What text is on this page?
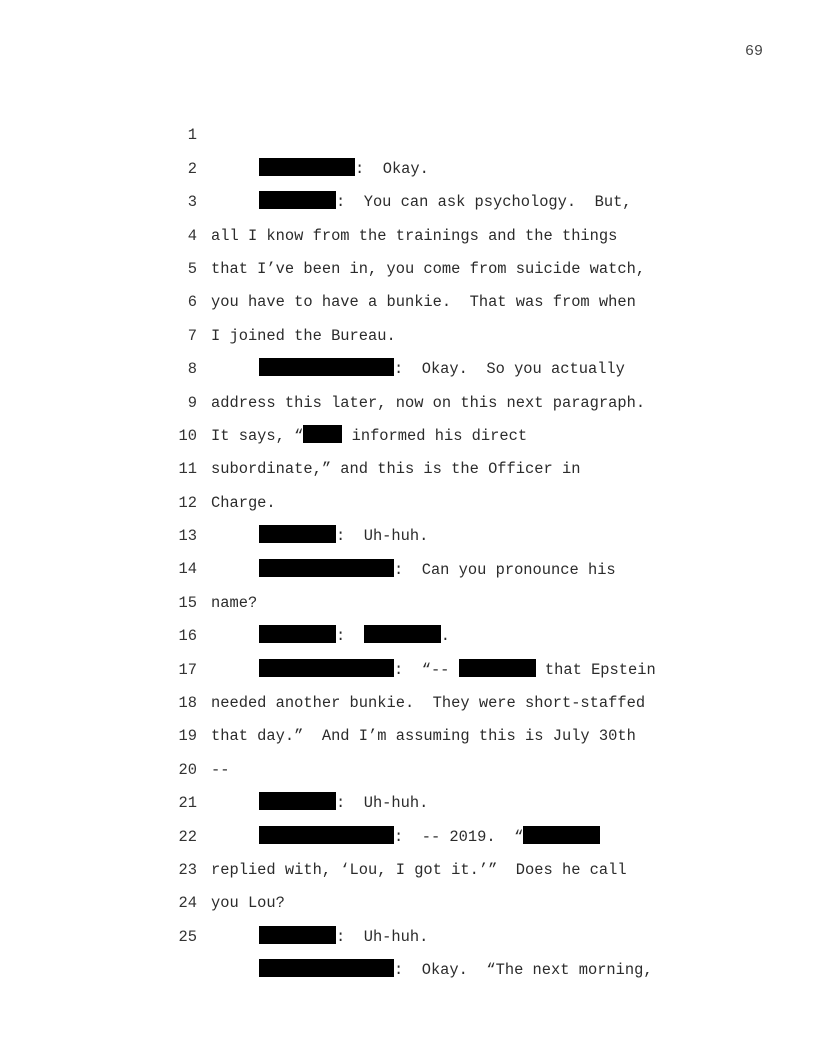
69

1

:  Okay.

2

:  You can ask psychology.  But,

3

all I know from the trainings and the things

4

that I’ve been in, you come from suicide watch,

5

you have to have a bunkie.  That was from when

6

I joined the Bureau.

7

:  Okay.  So you actually

8

address this later, now on this next paragraph.

9

It says, “	informed his direct

10

subordinate,” and this is the Officer in

11

Charge.

12

:  Uh-huh.

13

:  Can you pronounce his

14

name?

15

:	.

16

:  “--	that Epstein

17

needed another bunkie.  They were short-staffed

18

that day.”  And I’m assuming this is July 30th

19

--

20

:  Uh-huh.

21

:  -- 2019.  “

22

replied with, ‘Lou, I got it.’”  Does he call

23

you Lou?

24

:  Uh-huh.

25

:  Okay.  “The next morning,
